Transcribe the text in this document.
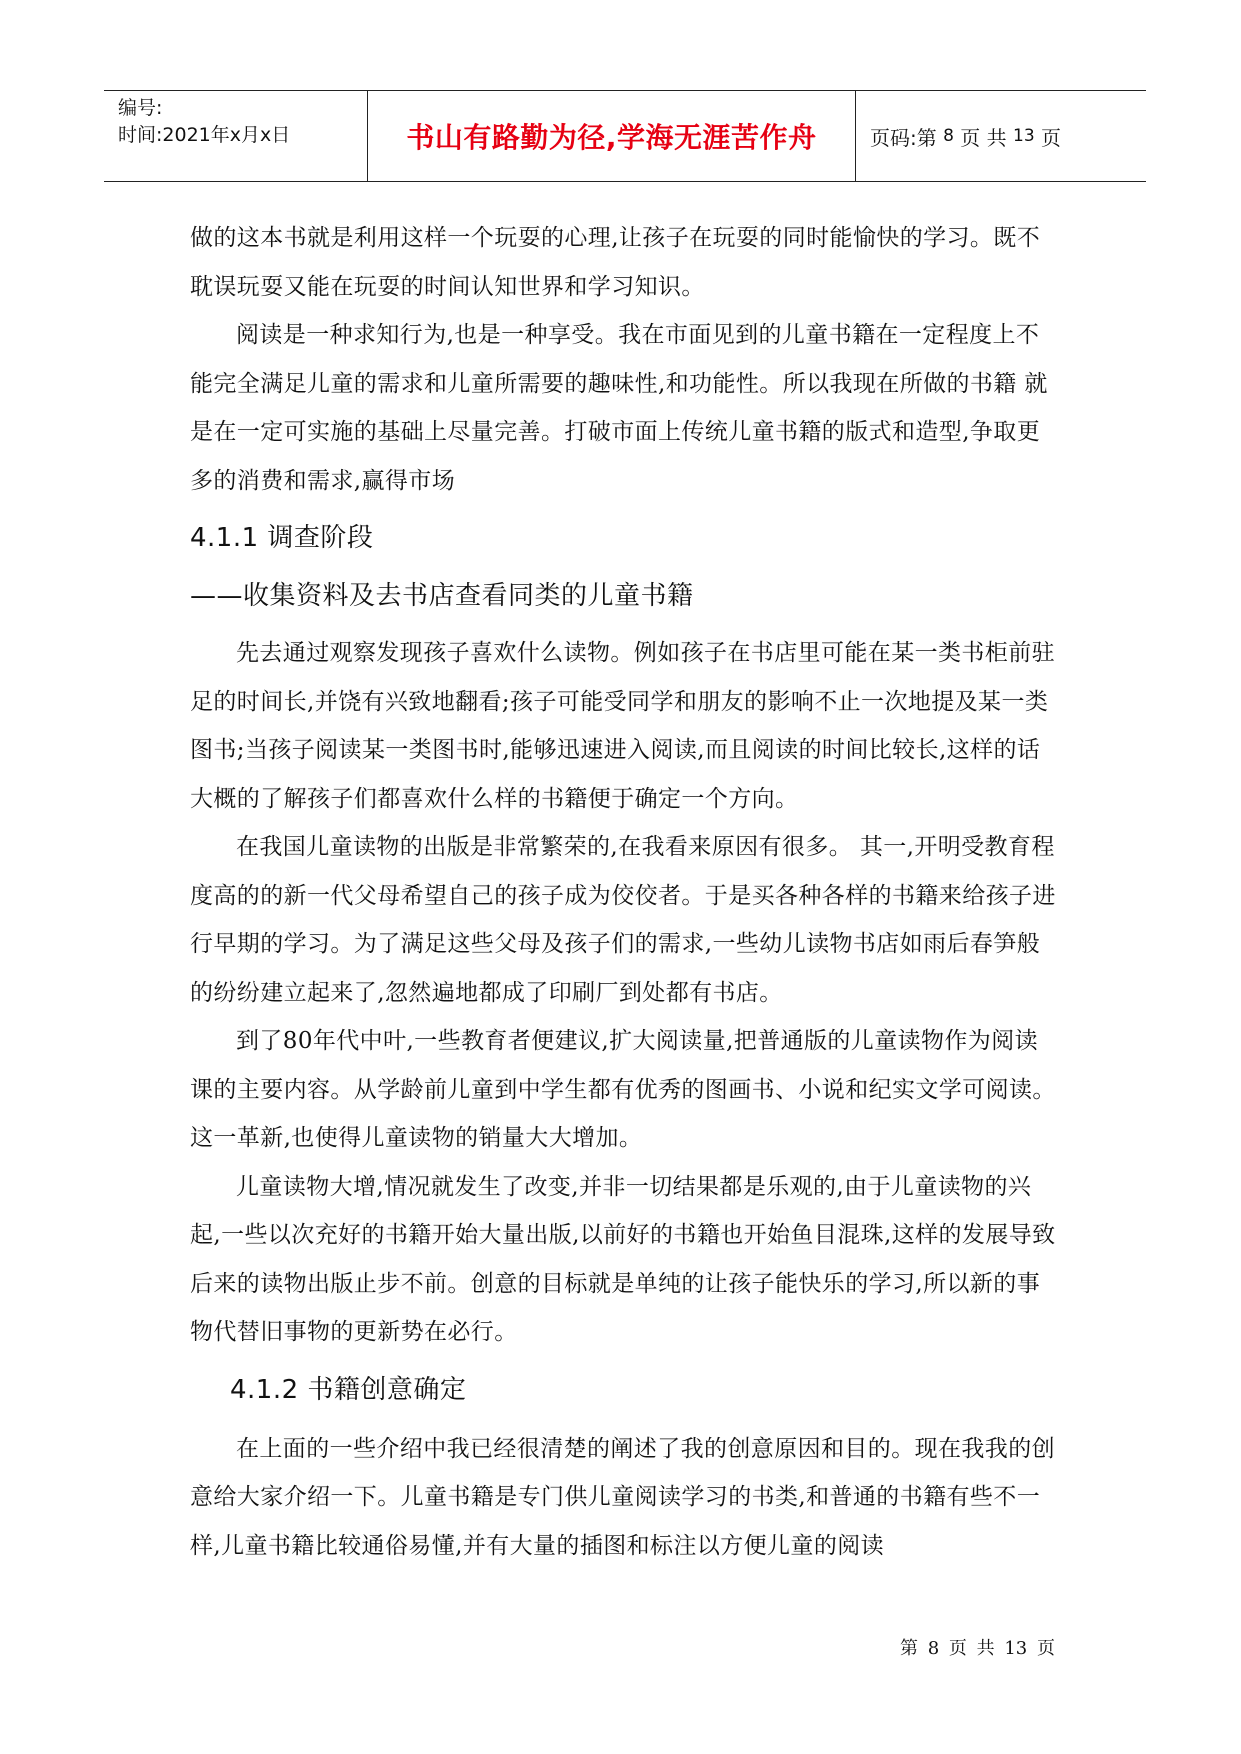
编号:
时间:2021年x月x日	书山有路勤为径,学海无涯苦作舟	页码:第
8
页 共
13
页

做的这本书就是利用这样一个玩耍的心理,让孩子在玩耍的同时能愉快的学习。既不耽误玩耍又能在玩耍的时间认知世界和学习知识。

阅读是一种求知行为,也是一种享受。我在市面见到的儿童书籍在一定程度上不能完全满足儿童的需求和儿童所需要的趣味性,和功能性。所以我现在所做的书籍 就是在一定可实施的基础上尽量完善。打破市面上传统儿童书籍的版式和造型,争取更多的消费和需求,赢得市场

4.1.1 调查阶段
——收集资料及去书店查看同类的儿童书籍

先去通过观察发现孩子喜欢什么读物。例如孩子在书店里可能在某一类书柜前驻足的时间长,并饶有兴致地翻看;孩子可能受同学和朋友的影响不止一次地提及某一类图书;当孩子阅读某一类图书时,能够迅速进入阅读,而且阅读的时间比较长,这样的话大概的了解孩子们都喜欢什么样的书籍便于确定一个方向。

在我国儿童读物的出版是非常繁荣的,在我看来原因有很多。 其一,开明受教育程度高的的新一代父母希望自己的孩子成为佼佼者。于是买各种各样的书籍来给孩子进行早期的学习。为了满足这些父母及孩子们的需求,一些幼儿读物书店如雨后春笋般的纷纷建立起来了,忽然遍地都成了印刷厂到处都有书店。

到了80年代中叶,一些教育者便建议,扩大阅读量,把普通版的儿童读物作为阅读课的主要内容。从学龄前儿童到中学生都有优秀的图画书、小说和纪实文学可阅读。这一革新,也使得儿童读物的销量大大增加。

儿童读物大增,情况就发生了改变,并非一切结果都是乐观的,由于儿童读物的兴起,一些以次充好的书籍开始大量出版,以前好的书籍也开始鱼目混珠,这样的发展导致后来的读物出版止步不前。创意的目标就是单纯的让孩子能快乐的学习,所以新的事物代替旧事物的更新势在必行。

4.1.2 书籍创意确定

在上面的一些介绍中我已经很清楚的阐述了我的创意原因和目的。现在我我的创意给大家介绍一下。儿童书籍是专门供儿童阅读学习的书类,和普通的书籍有些不一样,儿童书籍比较通俗易懂,并有大量的插图和标注以方便儿童的阅读

第 8 页 共 13 页
